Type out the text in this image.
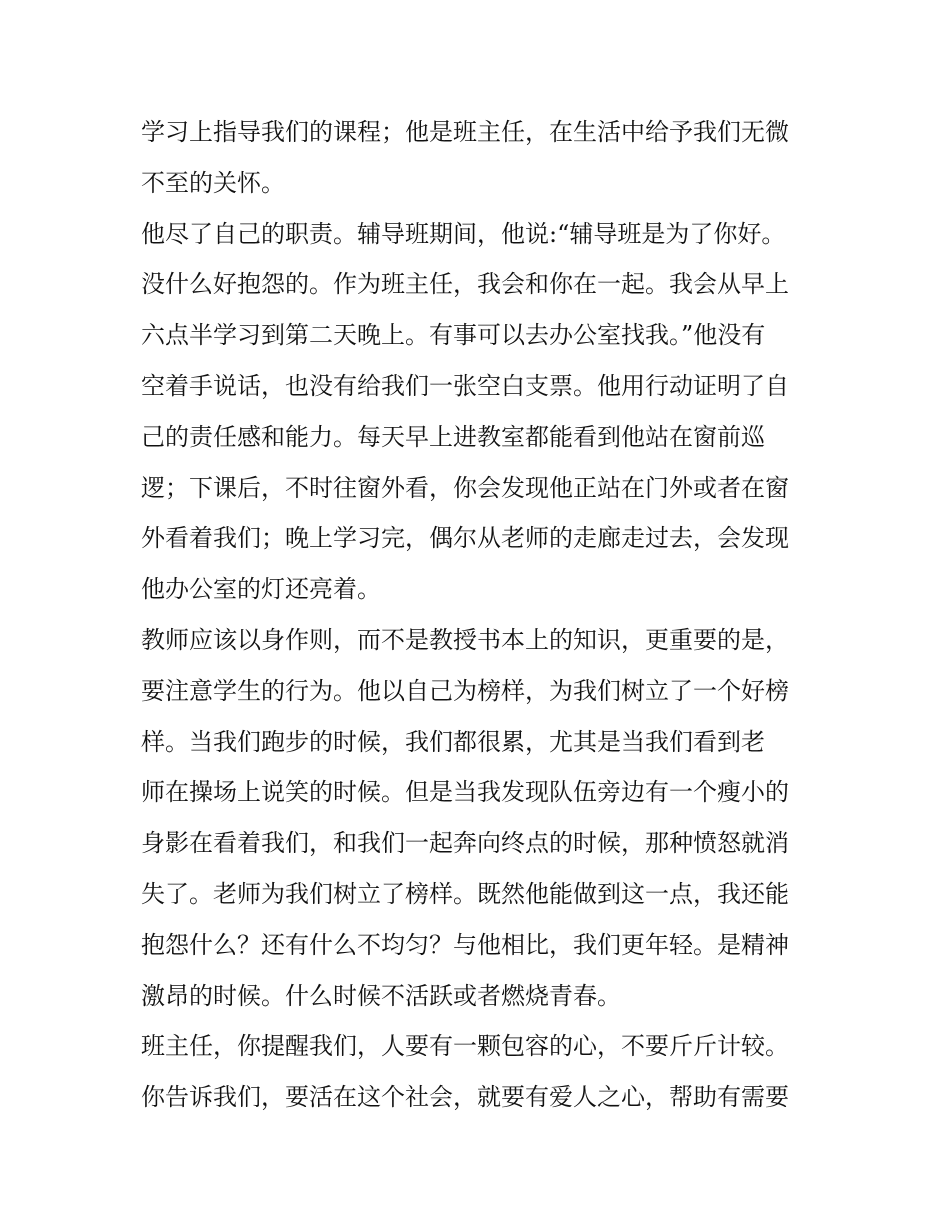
学习上指导我们的课程；他是班主任，在生活中给予我们无微
不至的关怀。
他尽了自己的职责。辅导班期间，他说:“辅导班是为了你好。
没什么好抱怨的。作为班主任，我会和你在一起。我会从早上
六点半学习到第二天晚上。有事可以去办公室找我。”他没有
空着手说话，也没有给我们一张空白支票。他用行动证明了自
己的责任感和能力。每天早上进教室都能看到他站在窗前巡
逻；下课后，不时往窗外看，你会发现他正站在门外或者在窗
外看着我们；晚上学习完，偶尔从老师的走廊走过去，会发现
他办公室的灯还亮着。
教师应该以身作则，而不是教授书本上的知识，更重要的是，
要注意学生的行为。他以自己为榜样，为我们树立了一个好榜
样。当我们跑步的时候，我们都很累，尤其是当我们看到老
师在操场上说笑的时候。但是当我发现队伍旁边有一个瘦小的
身影在看着我们，和我们一起奔向终点的时候，那种愤怒就消
失了。老师为我们树立了榜样。既然他能做到这一点，我还能
抱怨什么？还有什么不均匀？与他相比，我们更年轻。是精神
激昂的时候。什么时候不活跃或者燃烧青春。
班主任，你提醒我们，人要有一颗包容的心，不要斤斤计较。
你告诉我们，要活在这个社会，就要有爱人之心，帮助有需要
